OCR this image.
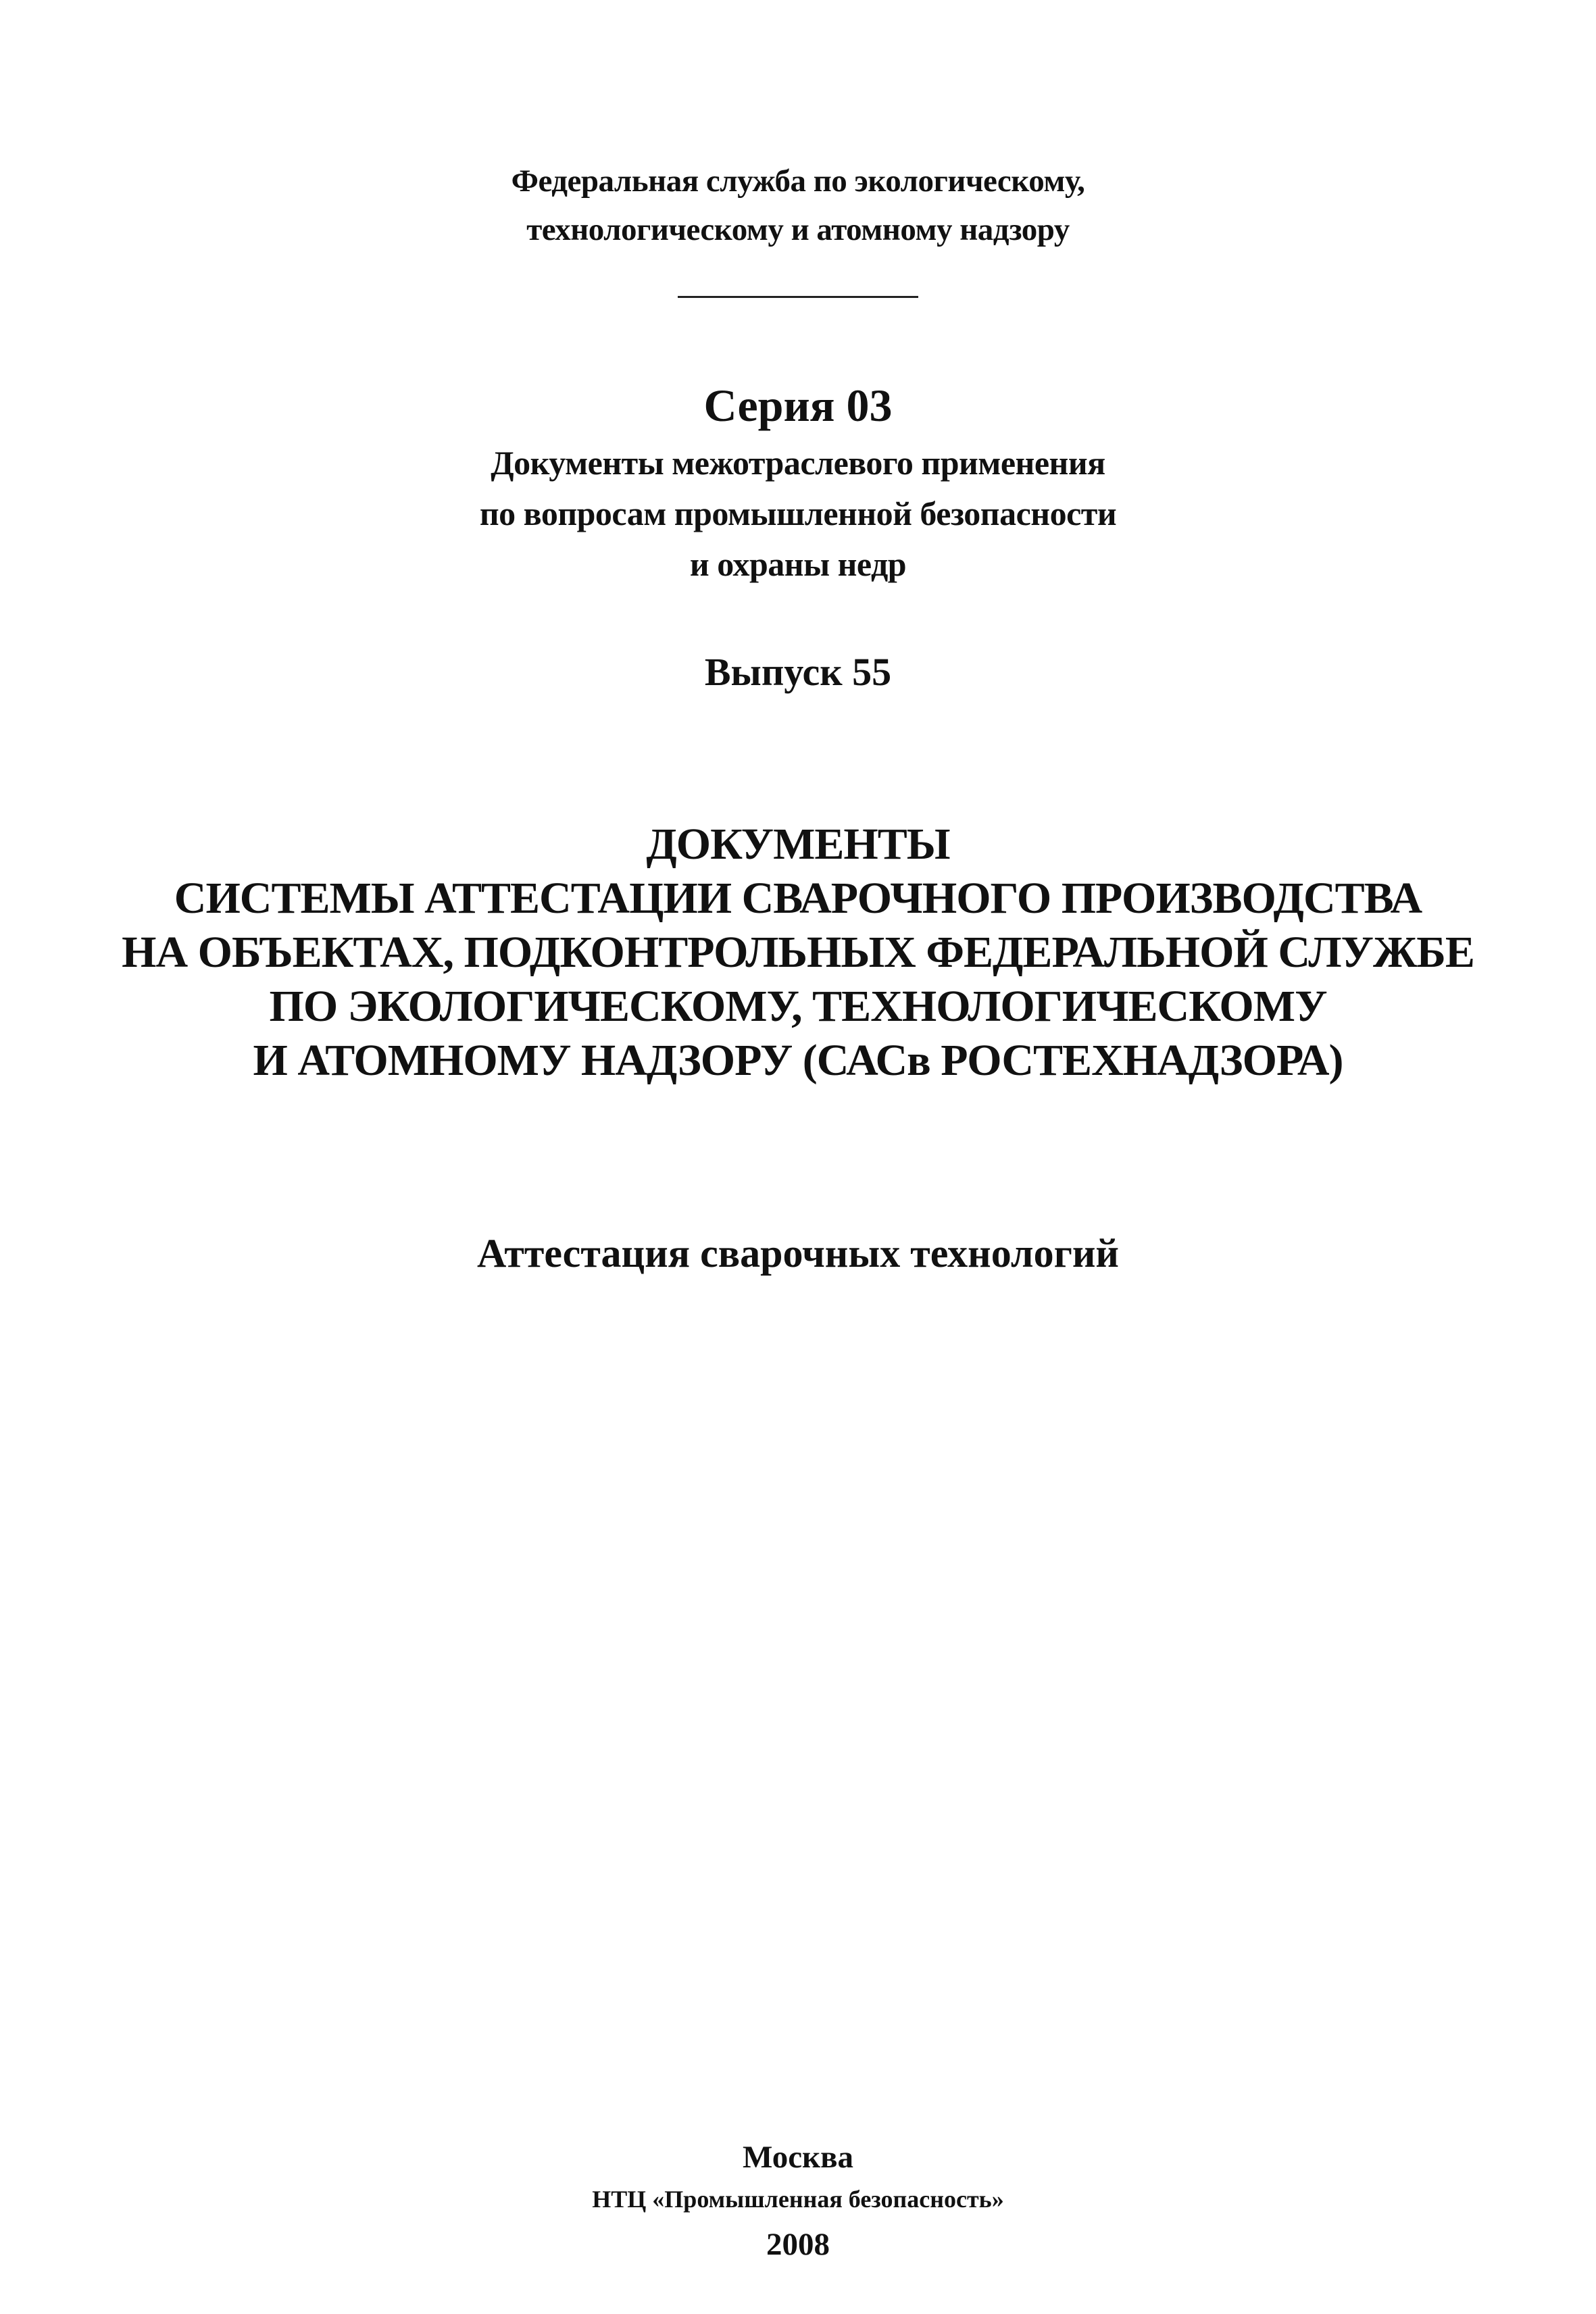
Федеральная служба по экологическому,
технологическому и атомному надзору
Серия 03
Документы межотраслевого применения
по вопросам промышленной безопасности
и охраны недр
Выпуск 55
ДОКУМЕНТЫ
СИСТЕМЫ АТТЕСТАЦИИ СВАРОЧНОГО ПРОИЗВОДСТВА
НА ОБЪЕКТАХ, ПОДКОНТРОЛЬНЫХ ФЕДЕРАЛЬНОЙ СЛУЖБЕ
ПО ЭКОЛОГИЧЕСКОМУ, ТЕХНОЛОГИЧЕСКОМУ
И АТОМНОМУ НАДЗОРУ (САСв РОСТЕХНАДЗОРА)
Аттестация сварочных технологий
Москва
НТЦ «Промышленная безопасность»
2008
